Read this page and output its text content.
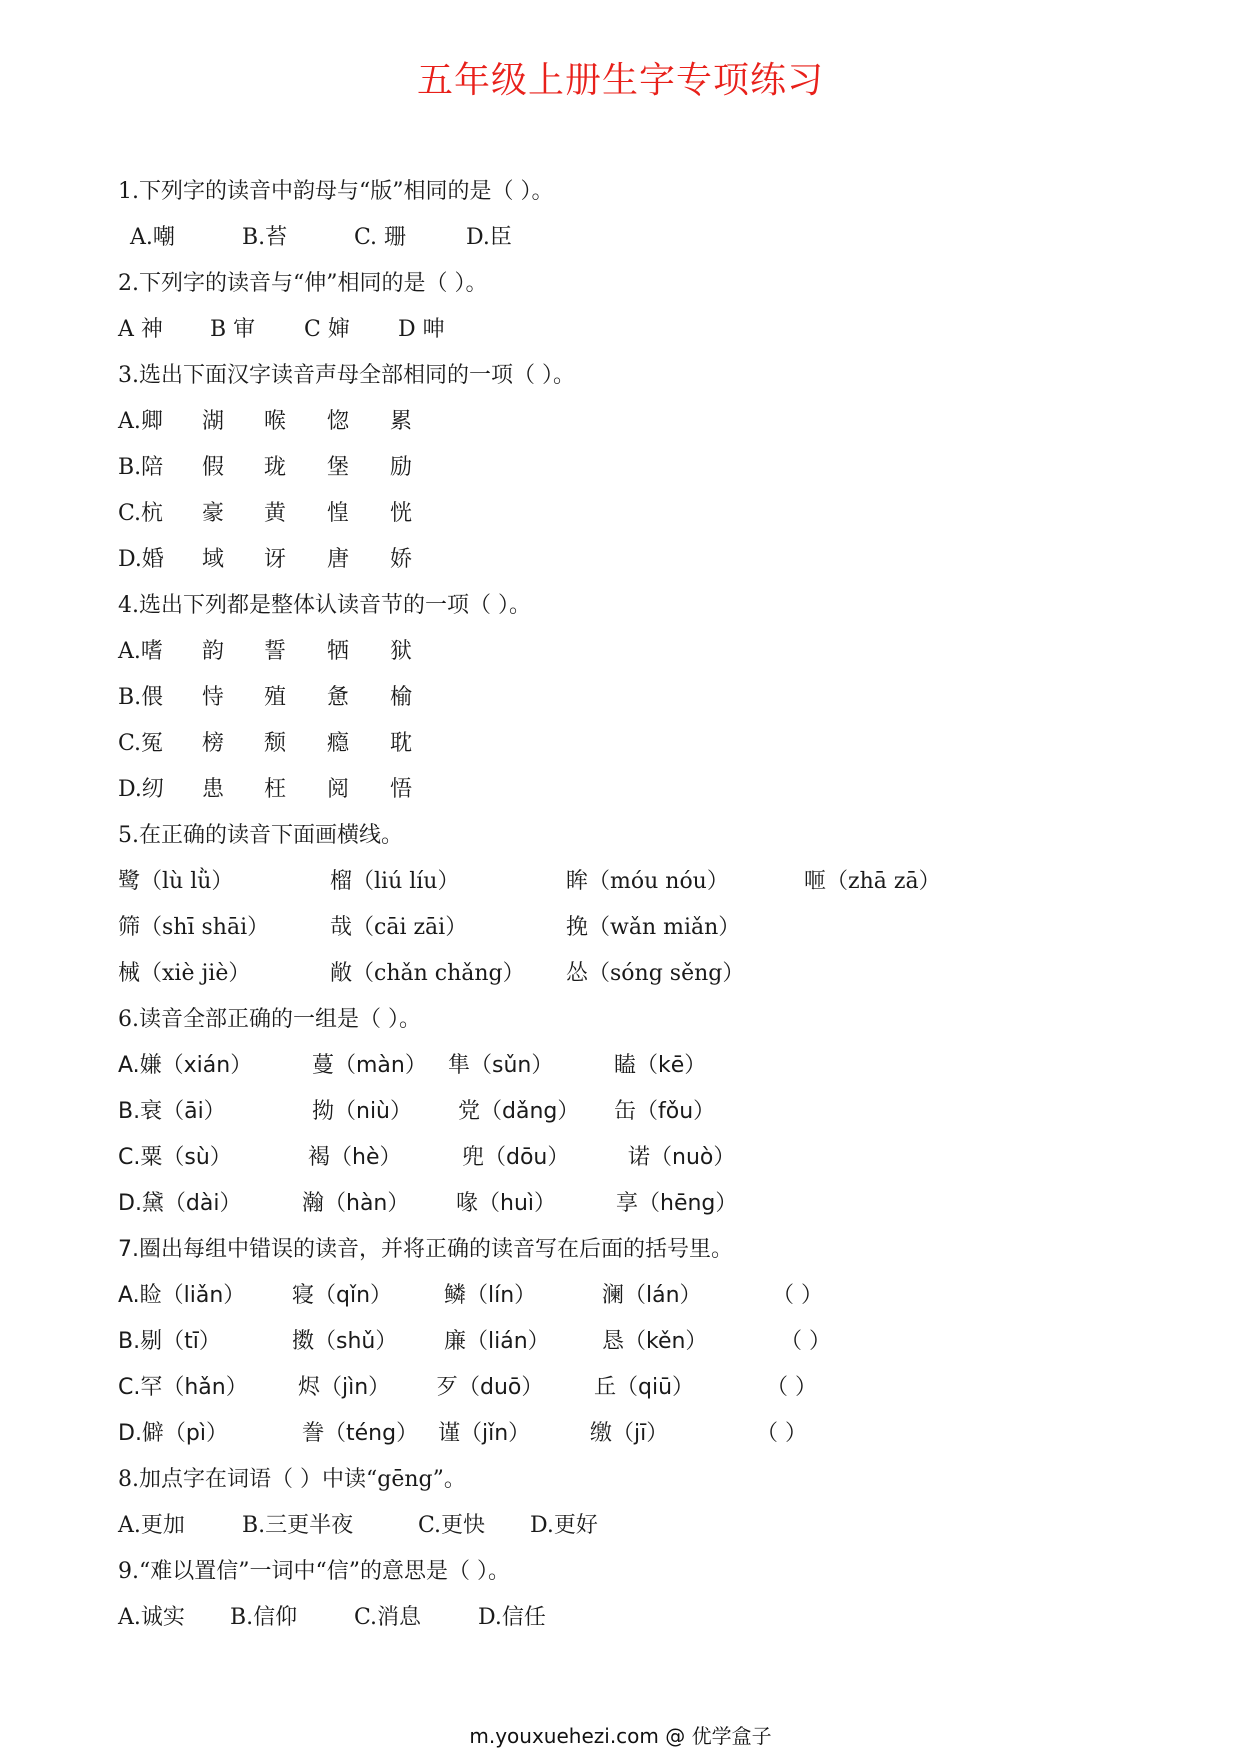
五年级上册生字专项练习
1.下列字的读音中韵母与“版”相同的是（ ）。
A.嘲	B.苔	C. 珊	D.臣
2.下列字的读音与“伸”相同的是（ ）。
A 神 B 审 C 婶 D 呻
3.选出下面汉字读音声母全部相同的一项（ ）。
A.卿 湖 喉 惚 累
B.陪 假 珑 堡 励
C.杭 豪 黄 惶 恍
D.婚 域 讶 唐 娇
4.选出下列都是整体认读音节的一项（ ）。
A.嗜 韵 誓 牺 狱
B.偎 恃 殖 惫 榆
C.冤 榜 颓 瘾 耽
D.纫 患 枉 阅 悟
5.在正确的读音下面画横线。
鹭（lù lǜ）	榴（liú líu）	眸（móu nóu）	咂（zhā zā）
筛（shī shāi）	哉（cāi zāi）	挽（wǎn miǎn）
械（xiè jiè）	敞（chǎn chǎng） 怂（sóng sěng）
6.读音全部正确的一组是（ ）。
A.嫌（xián）	蔓（màn） 隼（sǔn）	瞌（kē）
B.衰（āi）	拗（niù） 党（dǎng） 缶（fǒu）
C.粟（sù）	褐（hè）	兜（dōu）	诺（nuò）
D.黛（dài）	瀚（hàn） 喙（huì）	享（hēng）
7.圈出每组中错误的读音，并将正确的读音写在后面的括号里。
A.睑（liǎn） 寝（qǐn） 鳞（lín）	澜（lán）	（ ）
B.剔（tī）	擞（shǔ） 廉（lián） 恳（kěn）	（ ）
C.罕（hǎn） 烬（jìn） 歹（duō） 丘（qiū）	（ ）
D.僻（pì）	誊（téng） 谨（jǐn）	缴（jī）	（ ）
8.加点字在词语（ ）中读“gēng”。
A.更加	B.三更半夜	C.更快 D.更好
9.“难以置信”一词中“信”的意思是（ ）。
A.诚实 B.信仰	C.消息	D.信任
m.youxuehezi.com @ 优学盒子
